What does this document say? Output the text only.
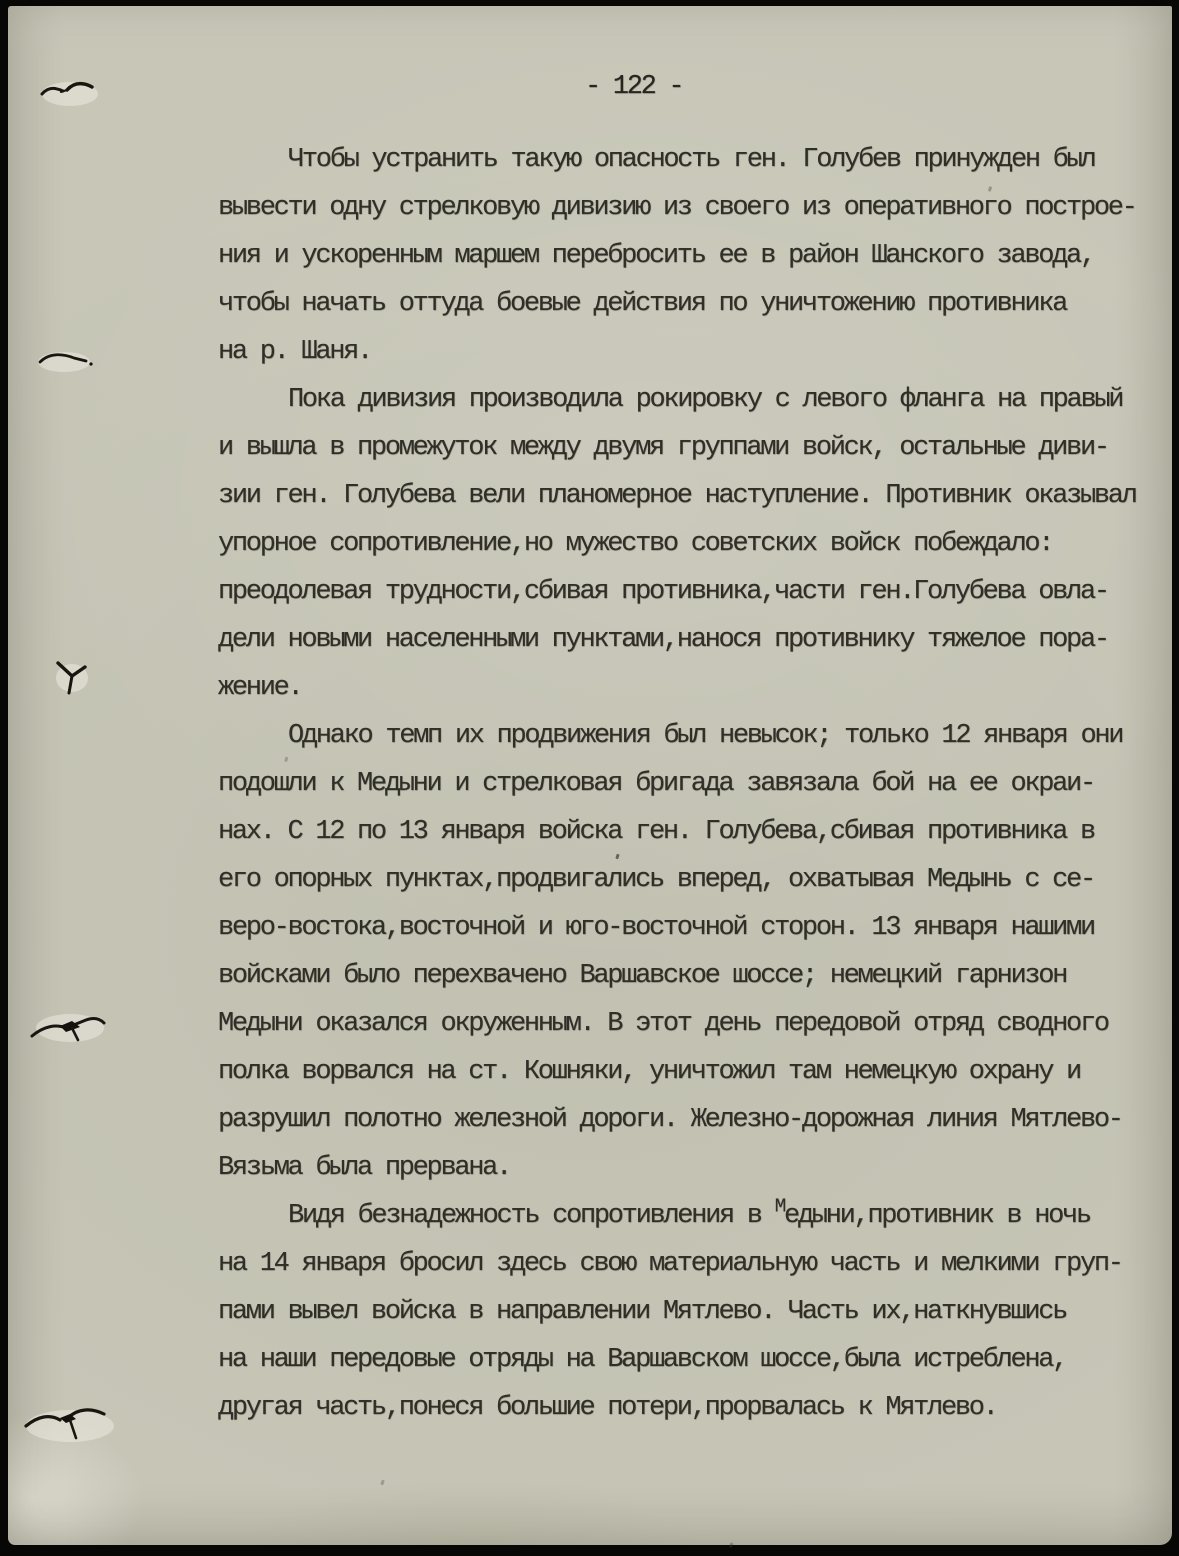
- 122 -
Чтобы устранить такую опасность ген. Голубев принужден был
вывести одну стрелковую дивизию из своего из оперативного построе-
ния и ускоренным маршем перебросить ее в район Шанского завода,
чтобы начать оттуда боевые действия по уничтожению противника
на р. Шаня.
Пока дивизия производила рокировку с левого фланга на правый
и вышла в промежуток между двумя группами войск, остальные диви-
зии ген. Голубева вели планомерное наступление. Противник оказывал
упорное сопротивление,но мужество советских войск побеждало:
преодолевая трудности,сбивая противника,части ген.Голубева овла-
дели новыми населенными пунктами,нанося противнику тяжелое пора-
жение.
Однако темп их продвижения был невысок; только 12 января они
подошли к Медыни и стрелковая бригада завязала бой на ее окраи-
нах. С 12 по 13 января войска ген. Голубева,сбивая противника в
его опорных пунктах,продвигались вперед, охватывая Медынь с се-
веро-востока,восточной и юго-восточной сторон. 13 января нашими
войсками было перехвачено Варшавское шоссе; немецкий гарнизон
Медыни оказался окруженным. В этот день передовой отряд сводного
полка ворвался на ст. Кошняки, уничтожил там немецкую охрану и
разрушил полотно железной дороги. Железно-дорожная линия Мятлево-
Вязьма была прервана.
Видя безнадежность сопротивления в Медыни,противник в ночь
на 14 января бросил здесь свою материальную часть и мелкими груп-
пами вывел войска в направлении Мятлево. Часть их,наткнувшись
на наши передовые отряды на Варшавском шоссе,была истреблена,
другая часть,понеся большие потери,прорвалась к Мятлево.
